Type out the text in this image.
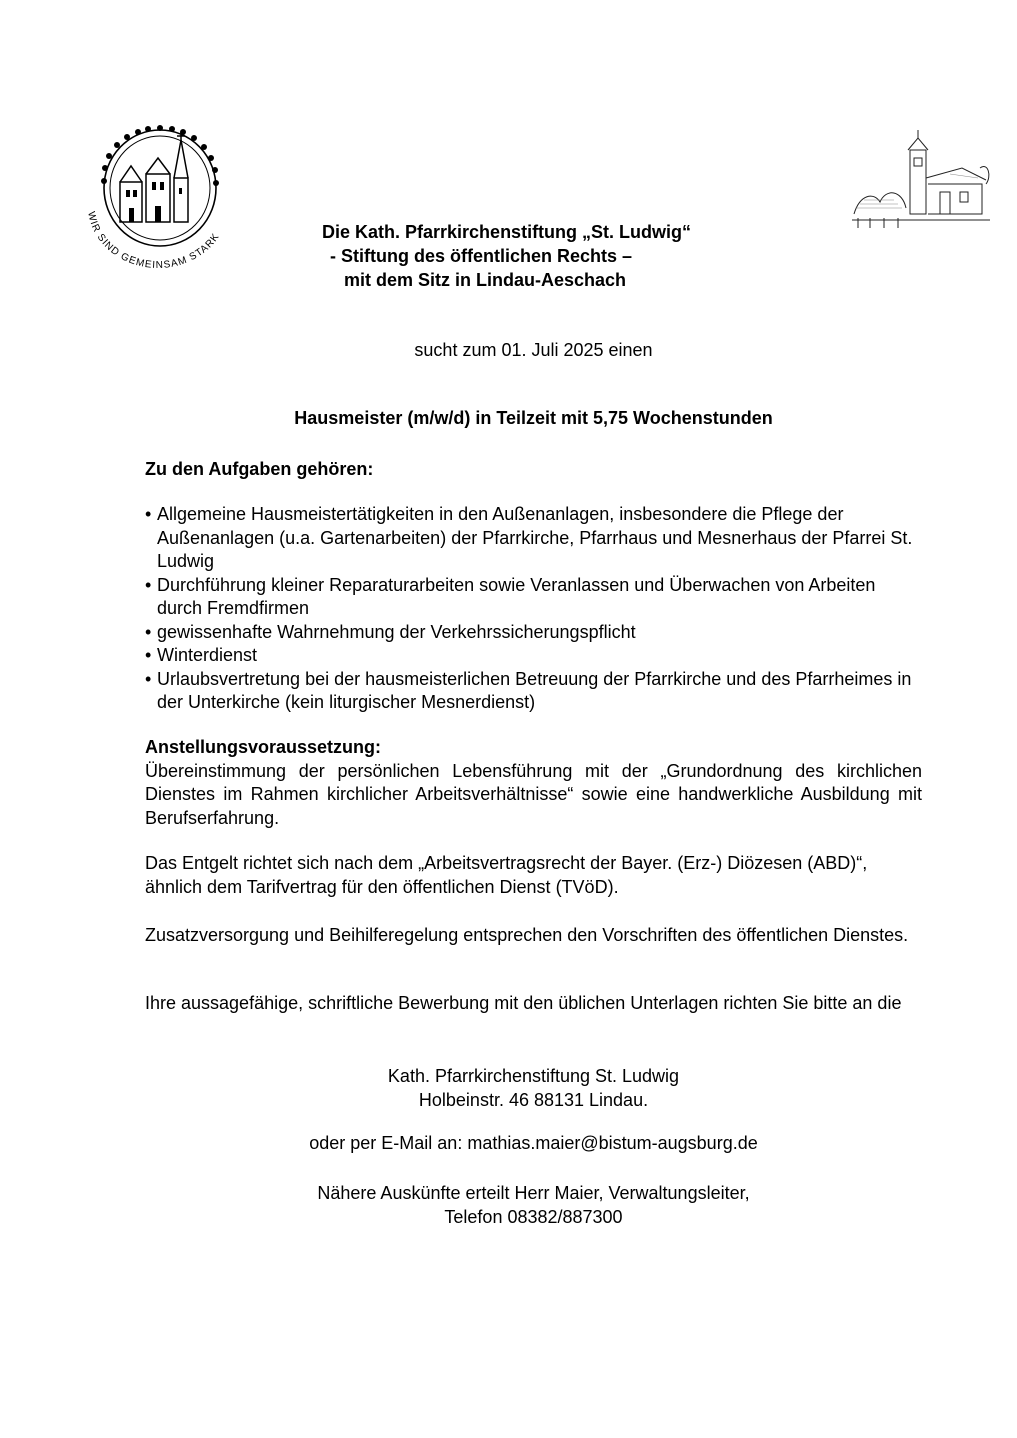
WIR SIND GEMEINSAM STARK	Die Kath. Pfarrkirchenstiftung „St. Ludwig“
- Stiftung des öffentlichen Rechts –
mit dem Sitz in Lindau-Aeschach
sucht zum 01. Juli 2025 einen
Hausmeister (m/w/d) in Teilzeit mit 5,75 Wochenstunden
Zu den Aufgaben gehören:
• Allgemeine Hausmeistertätigkeiten in den Außenanlagen, insbesondere die Pflege der Außenanlagen (u.a. Gartenarbeiten) der Pfarrkirche, Pfarrhaus und Mesnerhaus der Pfarrei St. Ludwig
• Durchführung kleiner Reparaturarbeiten sowie Veranlassen und Überwachen von Arbeiten durch Fremdfirmen
• gewissenhafte Wahrnehmung der Verkehrssicherungspflicht
• Winterdienst
• Urlaubsvertretung bei der hausmeisterlichen Betreuung der Pfarrkirche und des Pfarrheimes in der Unterkirche (kein liturgischer Mesnerdienst)
Anstellungsvoraussetzung:
Übereinstimmung der persönlichen Lebensführung mit der „Grundordnung des kirchlichen Dienstes im Rahmen kirchlicher Arbeitsverhältnisse“ sowie eine handwerkliche Ausbildung mit Berufserfahrung.
Das Entgelt richtet sich nach dem „Arbeitsvertragsrecht der Bayer. (Erz-) Diözesen (ABD)“, ähnlich dem Tarifvertrag für den öffentlichen Dienst (TVöD).
Zusatzversorgung und Beihilferegelung entsprechen den Vorschriften des öffentlichen Dienstes.
Ihre aussagefähige, schriftliche Bewerbung mit den üblichen Unterlagen richten Sie bitte an die
Kath. Pfarrkirchenstiftung St. Ludwig
Holbeinstr. 46 88131 Lindau.
oder per E-Mail an: mathias.maier@bistum-augsburg.de
Nähere Auskünfte erteilt Herr Maier, Verwaltungsleiter,
Telefon 08382/887300
